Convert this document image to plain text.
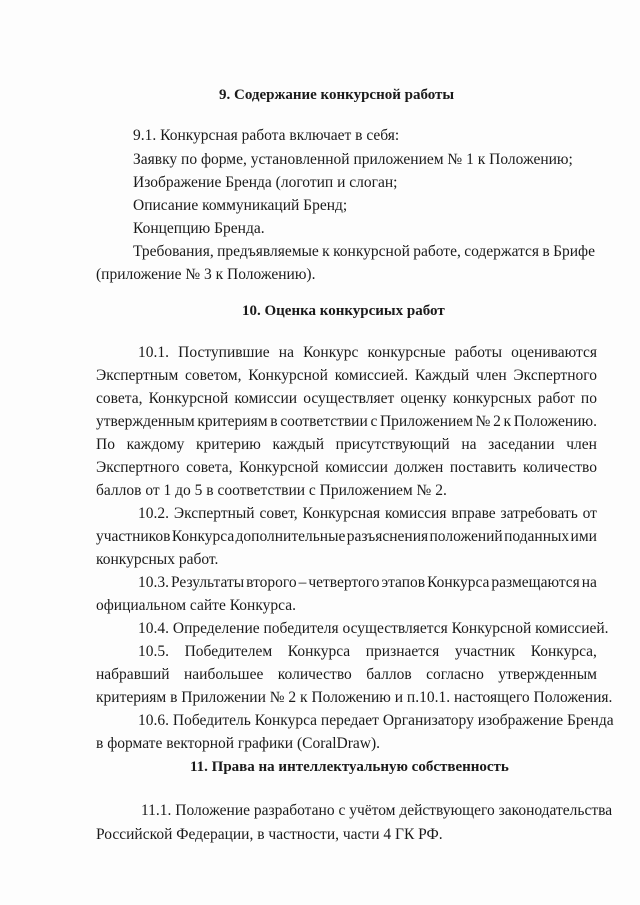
9. Содержание конкурсной работы
9.1. Конкурсная работа включает в себя:
Заявку по форме, установленной приложением № 1 к Положению;
Изображение Бренда (логотип и слоган;
Описание коммуникаций Бренд;
Концепцию Бренда.
Требования, предъявляемые к конкурсной работе, содержатся в Брифе
(приложение № 3 к Положению).
10. Оценка конкурсиых работ
10.1. Поступившие на Конкурс конкурсные работы оцениваются
Экспертным советом, Конкурсной комиссией. Каждый член Экспертного
совета, Конкурсной комиссии осуществляет оценку конкурсных работ по
утвержденным критериям в соответствии с Приложением № 2 к Положению.
По каждому критерию каждый присутствующий на заседании член
Экспертного совета, Конкурсной комиссии должен поставить количество
баллов от 1 до 5 в соответствии с Приложением № 2.
10.2. Экспертный совет, Конкурсная комиссия вправе затребовать от
участников Конкурса дополнительные разъяснения положений поданных ими
конкурсных работ.
10.3. Результаты второго – четвертого этапов Конкурса размещаются на
официальном сайте Конкурса.
10.4. Определение победителя осуществляется Конкурсной комиссией.
10.5. Победителем Конкурса признается участник Конкурса,
набравший наибольшее количество баллов согласно утвержденным
критериям в Приложении № 2 к Положению и п.10.1. настоящего Положения.
10.6. Победитель Конкурса передает Организатору изображение Бренда
в формате векторной графики (CoralDraw).
11. Права на интеллектуальную собственность
11.1. Положение разработано с учётом действующего законодательства
Российской Федерации, в частности, части 4 ГК РФ.
